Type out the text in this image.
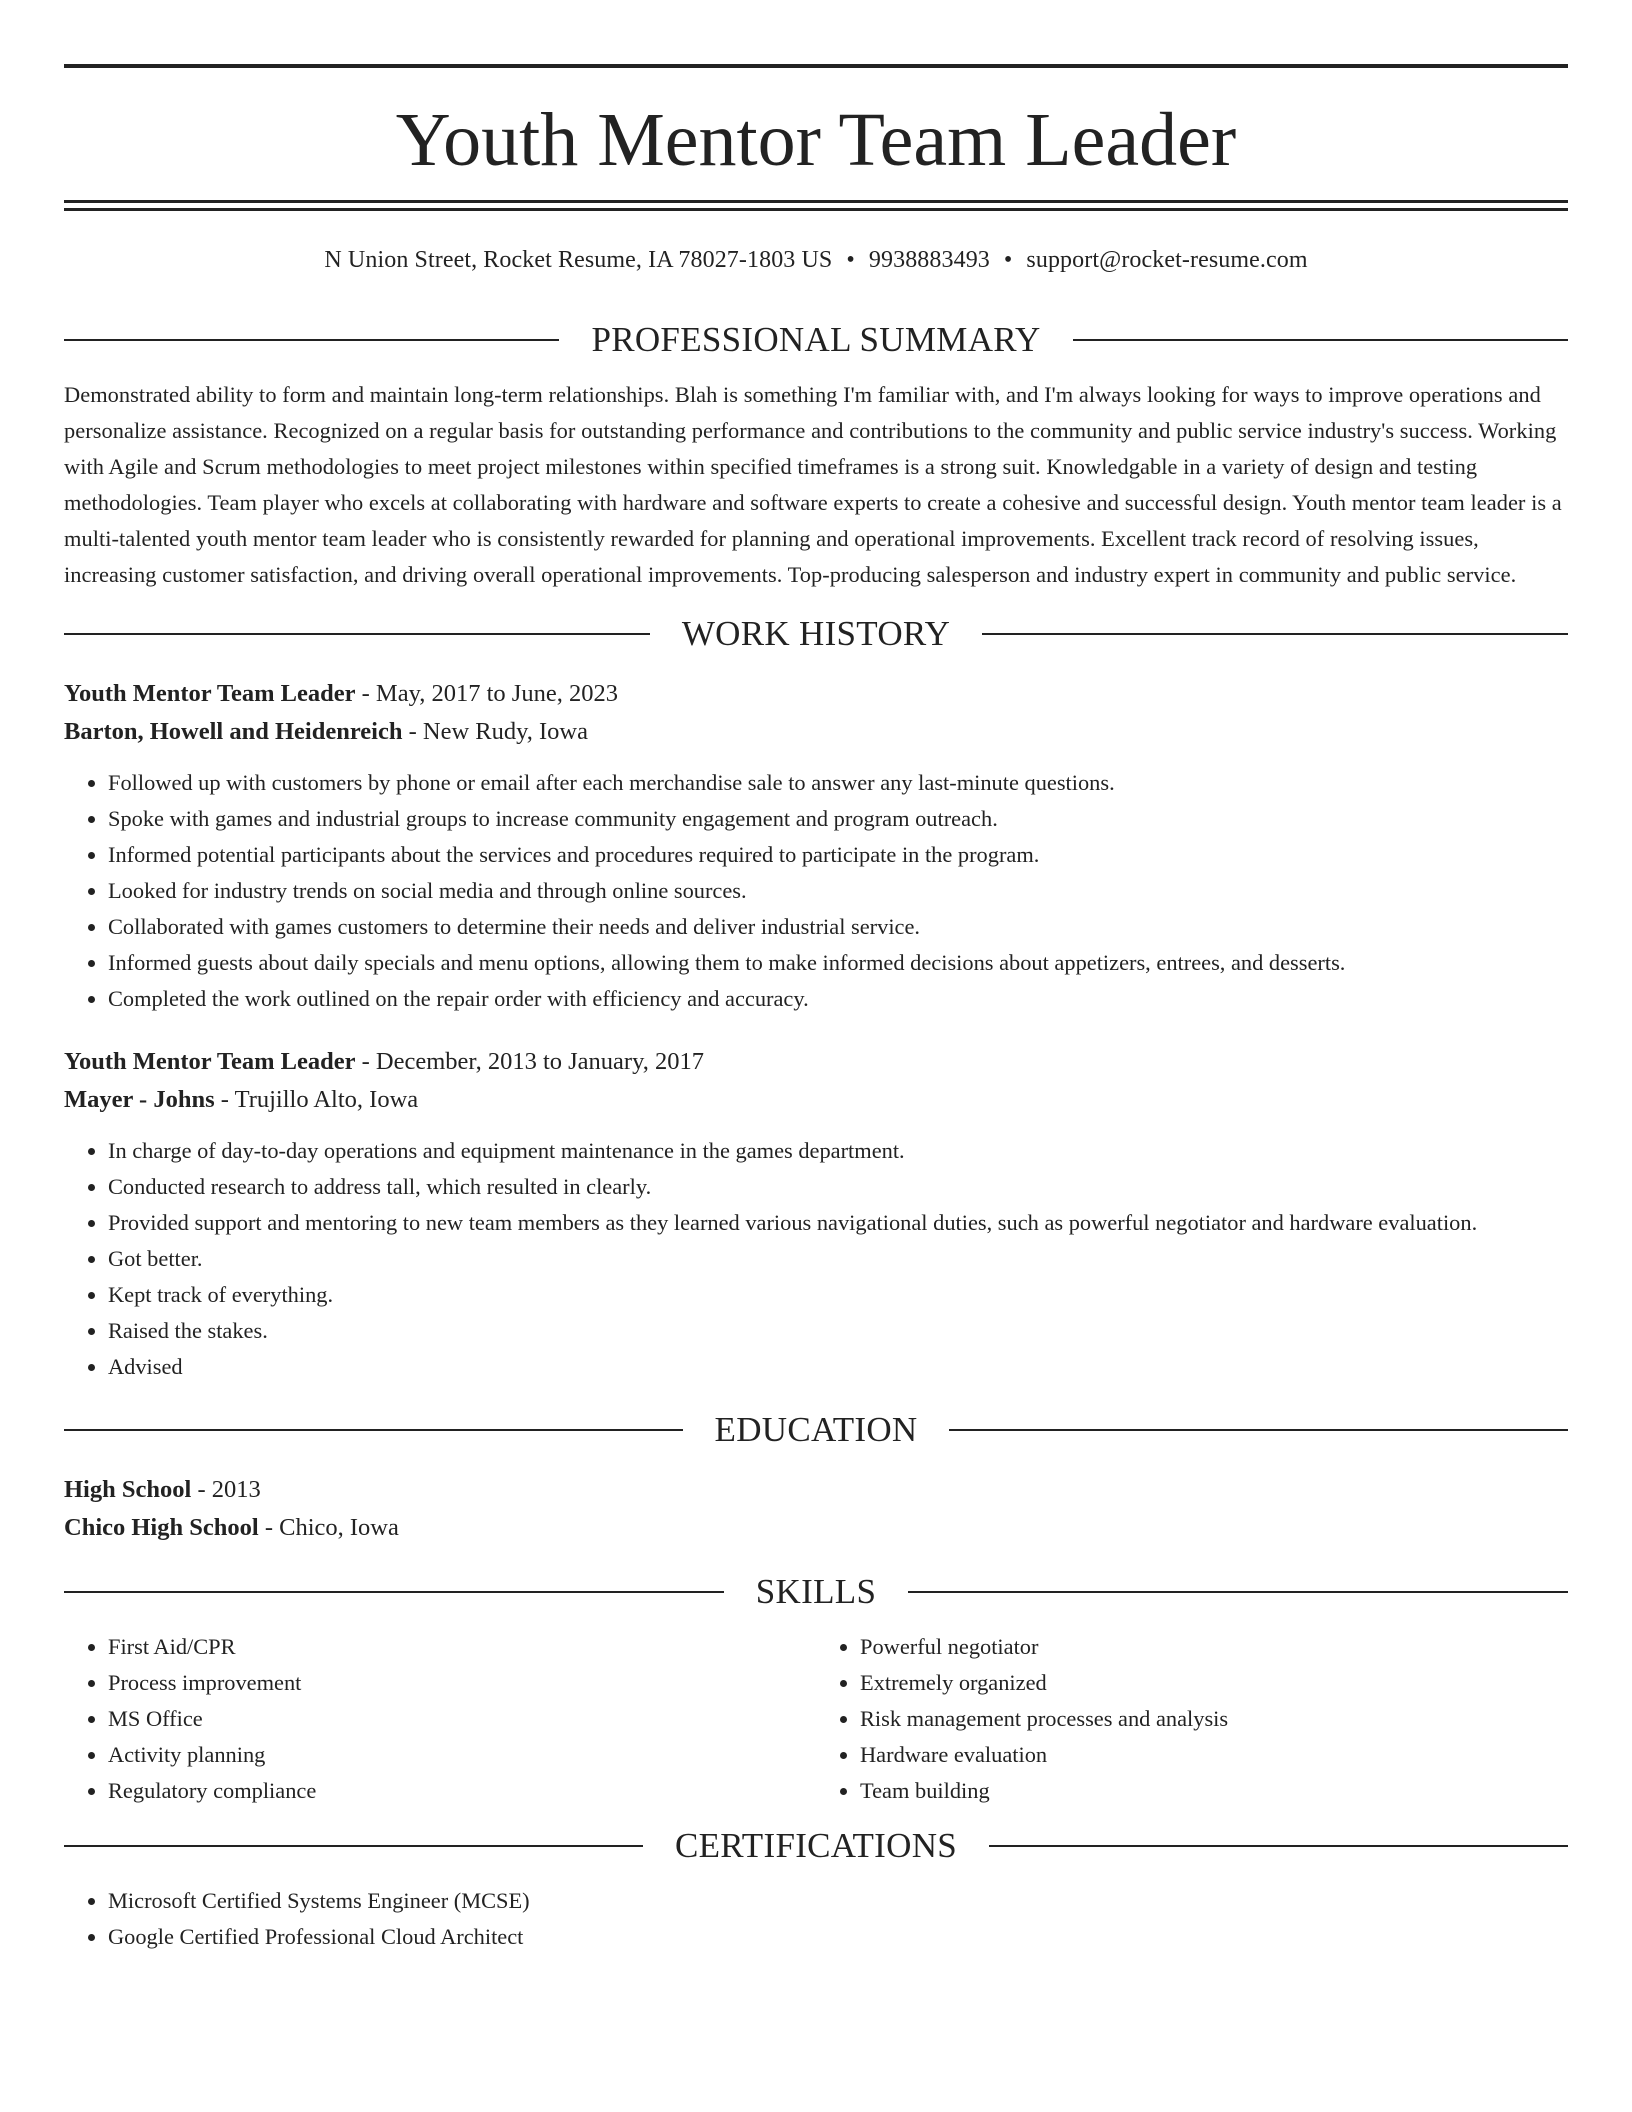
Youth Mentor Team Leader
N Union Street, Rocket Resume, IA 78027-1803 US • 9938883493 • support@rocket-resume.com
PROFESSIONAL SUMMARY

Demonstrated ability to form and maintain long-term relationships. Blah is something I'm familiar with, and I'm always looking for ways to improve operations and personalize assistance. Recognized on a regular basis for outstanding performance and contributions to the community and public service industry's success. Working with Agile and Scrum methodologies to meet project milestones within specified timeframes is a strong suit. Knowledgable in a variety of design and testing methodologies. Team player who excels at collaborating with hardware and software experts to create a cohesive and successful design. Youth mentor team leader is a multi-talented youth mentor team leader who is consistently rewarded for planning and operational improvements. Excellent track record of resolving issues, increasing customer satisfaction, and driving overall operational improvements. Top-producing salesperson and industry expert in community and public service.

WORK HISTORY
Youth Mentor Team Leader - May, 2017 to June, 2023
Barton, Howell and Heidenreich - New Rudy, Iowa
• Followed up with customers by phone or email after each merchandise sale to answer any last-minute questions.
• Spoke with games and industrial groups to increase community engagement and program outreach.
• Informed potential participants about the services and procedures required to participate in the program.
• Looked for industry trends on social media and through online sources.
• Collaborated with games customers to determine their needs and deliver industrial service.
• Informed guests about daily specials and menu options, allowing them to make informed decisions about appetizers, entrees, and desserts.
• Completed the work outlined on the repair order with efficiency and accuracy.
Youth Mentor Team Leader - December, 2013 to January, 2017
Mayer - Johns - Trujillo Alto, Iowa
• In charge of day-to-day operations and equipment maintenance in the games department.
• Conducted research to address tall, which resulted in clearly.
• Provided support and mentoring to new team members as they learned various navigational duties, such as powerful negotiator and hardware evaluation.
• Got better.
• Kept track of everything.
• Raised the stakes.
• Advised
EDUCATION
High School - 2013
Chico High School - Chico, Iowa
SKILLS
• First Aid/CPR
• Process improvement
• MS Office
• Activity planning
• Regulatory compliance
• Powerful negotiator
• Extremely organized
• Risk management processes and analysis
• Hardware evaluation
• Team building
CERTIFICATIONS
• Microsoft Certified Systems Engineer (MCSE)
• Google Certified Professional Cloud Architect
